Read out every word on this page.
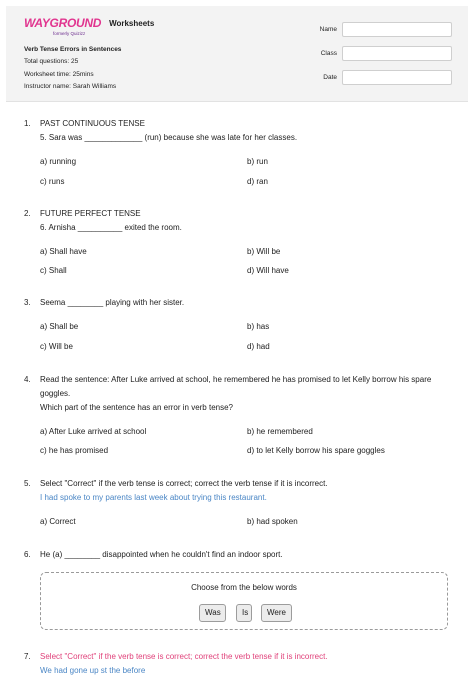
WAYGROUND Worksheets
formerly Quizizz
Verb Tense Errors in Sentences
Total questions: 25
Worksheet time: 25mins
Instructor name: Sarah Williams
Name
Class
Date
1. PAST CONTINUOUS TENSE
5. Sara was _____________ (run) because she was late for her classes.
a) running	b) run
c) runs	d) ran
2. FUTURE PERFECT TENSE
6. Arnisha __________ exited the room.
a) Shall have	b) Will be
c) Shall	d) Will have
3. Seema ________ playing with her sister.
a) Shall be	b) has
c) Will be	d) had
4. Read the sentence: After Luke arrived at school, he remembered he has promised to let Kelly borrow his spare
goggles.
Which part of the sentence has an error in verb tense?
a) After Luke arrived at school	b) he remembered
c) he has promised	d) to let Kelly borrow his spare goggles
5. Select "Correct" if the verb tense is correct; correct the verb tense if it is incorrect.
I had spoke to my parents last week about trying this restaurant.
a) Correct	b) had spoken
6. He (a) ________ disappointed when he couldn't find an indoor sport.
Choose from the below words
Was	Is	Were
7. Select "Correct" if the verb tense is correct; correct the verb tense if it is incorrect.
We had gone up st the before
